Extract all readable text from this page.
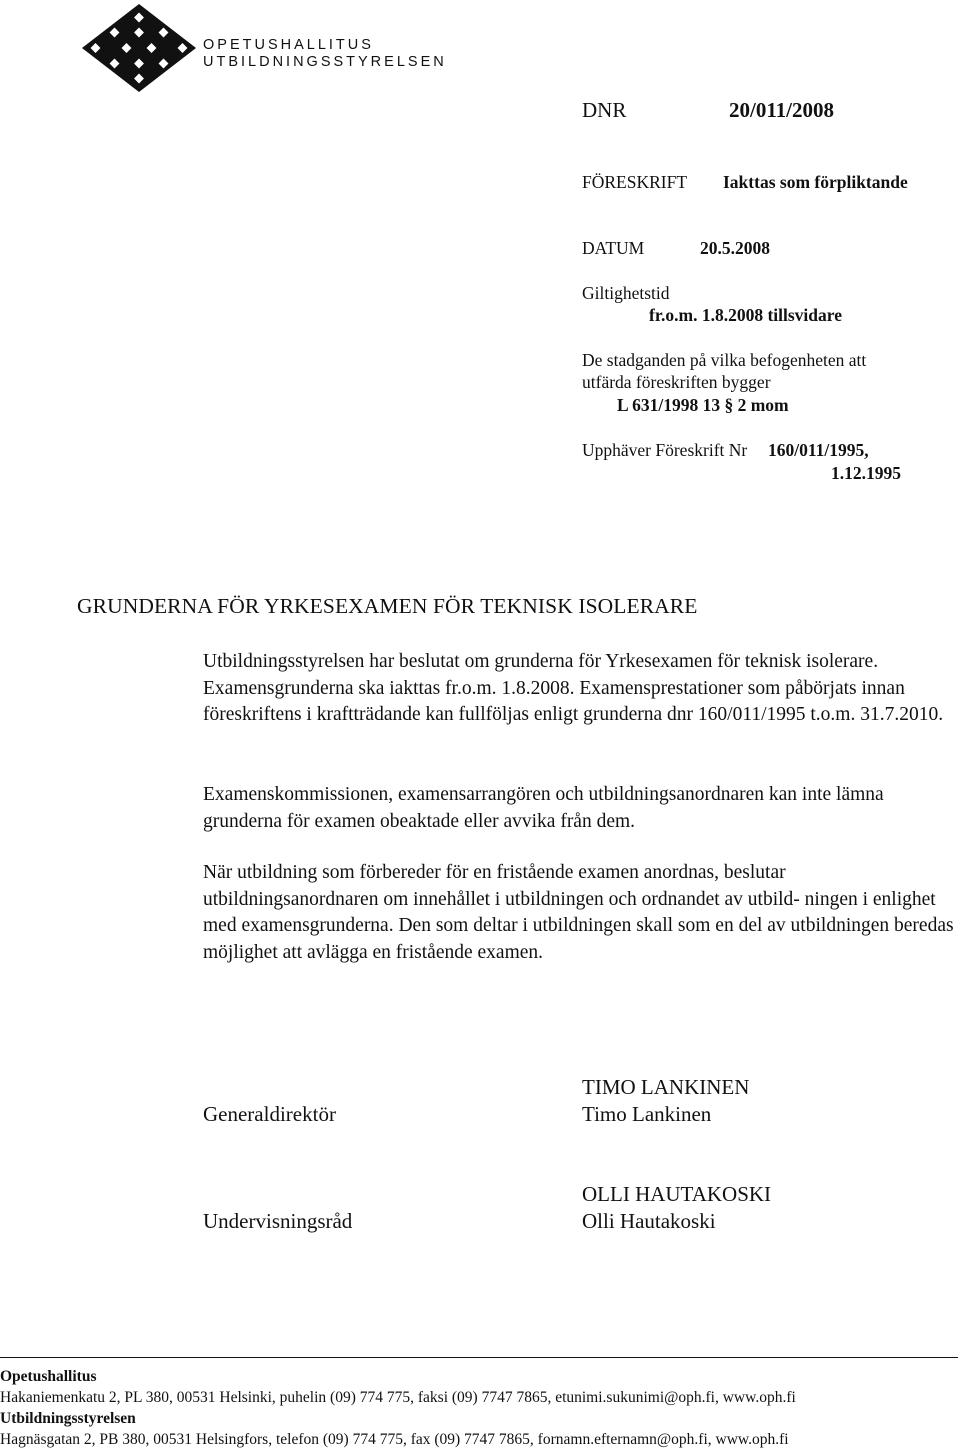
OPETUSHALLITUS
UTBILDNINGSSTYRELSEN
DNR	20/011/2008
FÖRESKRIFT Iakttas som förpliktande
DATUM	20.5.2008
Giltighetstid
fr.o.m. 1.8.2008 tillsvidare
De stadganden på vilka befogenheten att
utfärda föreskriften bygger
L 631/1998 13 § 2 mom
Upphäver Föreskrift Nr 160/011/1995,
1.12.1995
GRUNDERNA FÖR YRKESEXAMEN FÖR TEKNISK ISOLERARE

Utbildningsstyrelsen har beslutat om grunderna för Yrkesexamen för teknisk isolerare. Examensgrunderna ska iakttas fr.o.m. 1.8.2008. Examensprestationer som påbörjats innan föreskriftens i kraftträdande kan fullföljas enligt grunderna dnr 160/011/1995 t.o.m. 31.7.2010.

Examenskommissionen, examensarrangören och utbildningsanordnaren kan inte lämna grunderna för examen obeaktade eller avvika från dem.

När utbildning som förbereder för en fristående examen anordnas, beslutar utbildningsanordnaren om innehållet i utbildningen och ordnandet av utbild- ningen i enlighet med examensgrunderna. Den som deltar i utbildningen skall som en del av utbildningen beredas möjlighet att avlägga en fristående examen.

Generaldirektör
TIMO LANKINEN
Timo Lankinen
Undervisningsråd
OLLI HAUTAKOSKI
Olli Hautakoski
Opetushallitus
Hakaniemenkatu 2, PL 380, 00531 Helsinki, puhelin (09) 774 775, faksi (09) 7747 7865, etunimi.sukunimi@oph.fi, www.oph.fi
Utbildningsstyrelsen
Hagnäsgatan 2, PB 380, 00531 Helsingfors, telefon (09) 774 775, fax (09) 7747 7865, fornamn.efternamn@oph.fi, www.oph.fi
